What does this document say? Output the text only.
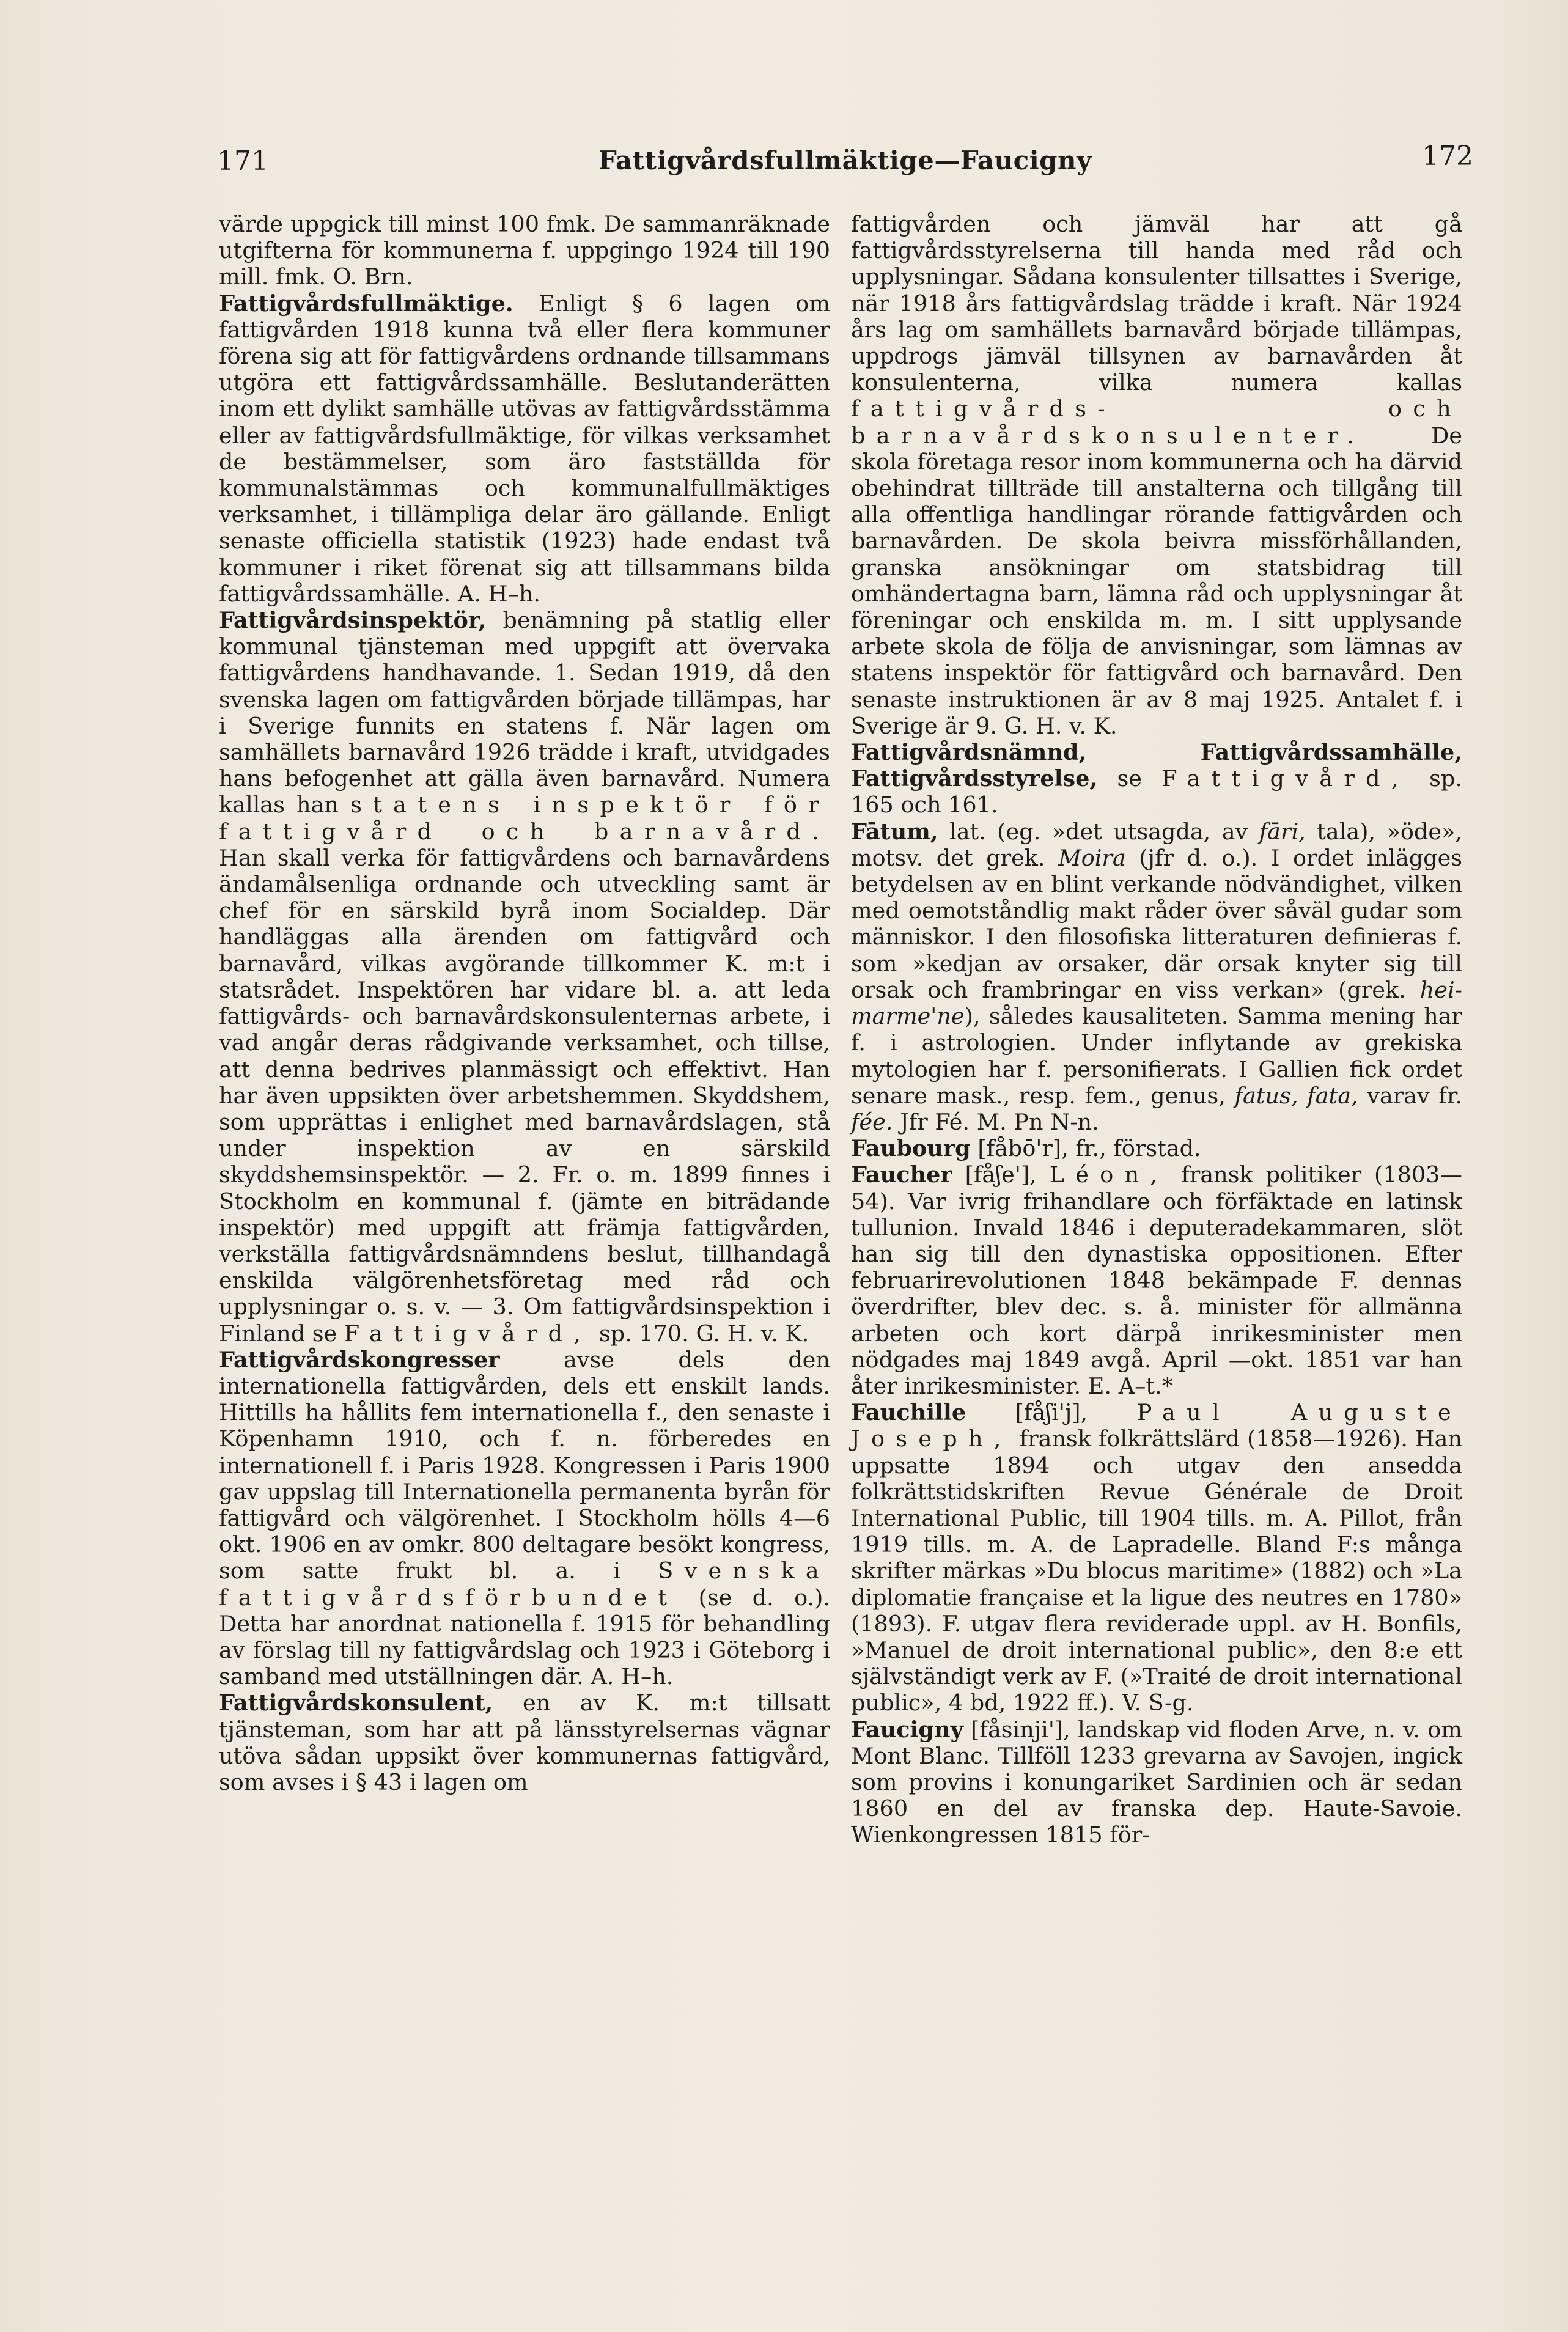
171	Fattigvårdsfullmäktige—Faucigny	172

värde uppgick till minst 100 fmk. De sammanräknade utgifterna för kommunerna f. uppgingo 1924 till 190 mill. fmk. O. Brn.

Fattigvårdsfullmäktige. Enligt § 6 lagen om fattigvården 1918 kunna två eller flera kommuner förena sig att för fattigvårdens ordnande tillsammans utgöra ett fattigvårdssamhälle. Beslutanderätten inom ett dylikt samhälle utövas av fattigvårdsstämma eller av fattigvårdsfullmäktige, för vilkas verksamhet de bestämmelser, som äro fastställda för kommunalstämmas och kommunalfullmäktiges verksamhet, i tillämpliga delar äro gällande. Enligt senaste officiella statistik (1923) hade endast två kommuner i riket förenat sig att tillsammans bilda fattigvårdssamhälle. A. H–h.

Fattigvårdsinspektör, benämning på statlig eller kommunal tjänsteman med uppgift att övervaka fattigvårdens handhavande. 1. Sedan 1919, då den svenska lagen om fattigvården började tillämpas, har i Sverige funnits en statens f. När lagen om samhällets barnavård 1926 trädde i kraft, utvidgades hans befogenhet att gälla även barnavård. Numera kallas han statens inspektör för fattigvård och barnavård. Han skall verka för fattigvårdens och barnavårdens ändamålsenliga ordnande och utveckling samt är chef för en särskild byrå inom Socialdep. Där handläggas alla ärenden om fattigvård och barnavård, vilkas avgörande tillkommer K. m:t i statsrådet. Inspektören har vidare bl. a. att leda fattigvårds- och barnavårdskonsulenternas arbete, i vad angår deras rådgivande verksamhet, och tillse, att denna bedrives planmässigt och effektivt. Han har även uppsikten över arbetshemmen. Skyddshem, som upprättas i enlighet med barnavårdslagen, stå under inspektion av en särskild skyddshemsinspektör. — 2. Fr. o. m. 1899 finnes i Stockholm en kommunal f. (jämte en biträdande inspektör) med uppgift att främja fattigvården, verkställa fattigvårdsnämndens beslut, tillhandagå enskilda välgörenhetsföretag med råd och upplysningar o. s. v. — 3. Om fattigvårdsinspektion i Finland se Fattigvård, sp. 170. G. H. v. K.

Fattigvårdskongresser avse dels den internationella fattigvården, dels ett enskilt lands. Hittills ha hållits fem internationella f., den senaste i Köpenhamn 1910, och f. n. förberedes en internationell f. i Paris 1928. Kongressen i Paris 1900 gav uppslag till Internationella permanenta byrån för fattigvård och välgörenhet. I Stockholm hölls 4—6 okt. 1906 en av omkr. 800 deltagare besökt kongress, som satte frukt bl. a. i Svenska fattigvårdsförbundet (se d. o.). Detta har anordnat nationella f. 1915 för behandling av förslag till ny fattigvårdslag och 1923 i Göteborg i samband med utställningen där. A. H–h.

Fattigvårdskonsulent, en av K. m:t tillsatt tjänsteman, som har att på länsstyrelsernas vägnar utöva sådan uppsikt över kommunernas fattigvård, som avses i § 43 i lagen om

fattigvården och jämväl har att gå fattigvårdsstyrelserna till handa med råd och upplysningar. Sådana konsulenter tillsattes i Sverige, när 1918 års fattigvårdslag trädde i kraft. När 1924 års lag om samhällets barnavård började tillämpas, uppdrogs jämväl tillsynen av barnavården åt konsulenterna, vilka numera kallas fattigvårds- och barnavårdskonsulenter. De skola företaga resor inom kommunerna och ha därvid obehindrat tillträde till anstalterna och tillgång till alla offentliga handlingar rörande fattigvården och barnavården. De skola beivra missförhållanden, granska ansökningar om statsbidrag till omhändertagna barn, lämna råd och upplysningar åt föreningar och enskilda m. m. I sitt upplysande arbete skola de följa de anvisningar, som lämnas av statens inspektör för fattigvård och barnavård. Den senaste instruktionen är av 8 maj 1925. Antalet f. i Sverige är 9. G. H. v. K.

Fattigvårdsnämnd, Fattigvårdssamhälle, Fattigvårdsstyrelse, se Fattigvård, sp. 165 och 161.

Fātum, lat. (eg. »det utsagda, av fāri, tala), »öde», motsv. det grek. Moira (jfr d. o.). I ordet inlägges betydelsen av en blint verkande nödvändighet, vilken med oemotståndlig makt råder över såväl gudar som människor. I den filosofiska litteraturen definieras f. som »kedjan av orsaker, där orsak knyter sig till orsak och frambringar en viss verkan» (grek. hei-marme'ne), således kausaliteten. Samma mening har f. i astrologien. Under inflytande av grekiska mytologien har f. personifierats. I Gallien fick ordet senare mask., resp. fem., genus, fatus, fata, varav fr. fée. Jfr Fé. M. Pn N-n.

Faubourg [fåbō'r], fr., förstad.

Faucher [fåʃe'], Léon, fransk politiker (1803—54). Var ivrig frihandlare och förfäktade en latinsk tullunion. Invald 1846 i deputeradekammaren, slöt han sig till den dynastiska oppositionen. Efter februarirevolutionen 1848 bekämpade F. dennas överdrifter, blev dec. s. å. minister för allmänna arbeten och kort därpå inrikesminister men nödgades maj 1849 avgå. April —okt. 1851 var han åter inrikesminister. E. A–t.*

Fauchille [fåʃi'j], Paul Auguste Joseph, fransk folkrättslärd (1858—1926). Han uppsatte 1894 och utgav den ansedda folkrättstidskriften Revue Générale de Droit International Public, till 1904 tills. m. A. Pillot, från 1919 tills. m. A. de Lapradelle. Bland F:s många skrifter märkas »Du blocus maritime» (1882) och »La diplomatie française et la ligue des neutres en 1780» (1893). F. utgav flera reviderade uppl. av H. Bonfils, »Manuel de droit international public», den 8:e ett självständigt verk av F. (»Traité de droit international public», 4 bd, 1922 ff.). V. S-g.

Faucigny [fåsinji'], landskap vid floden Arve, n. v. om Mont Blanc. Tillföll 1233 grevarna av Savojen, ingick som provins i konungariket Sardinien och är sedan 1860 en del av franska dep. Haute-Savoie. Wienkongressen 1815 för-
